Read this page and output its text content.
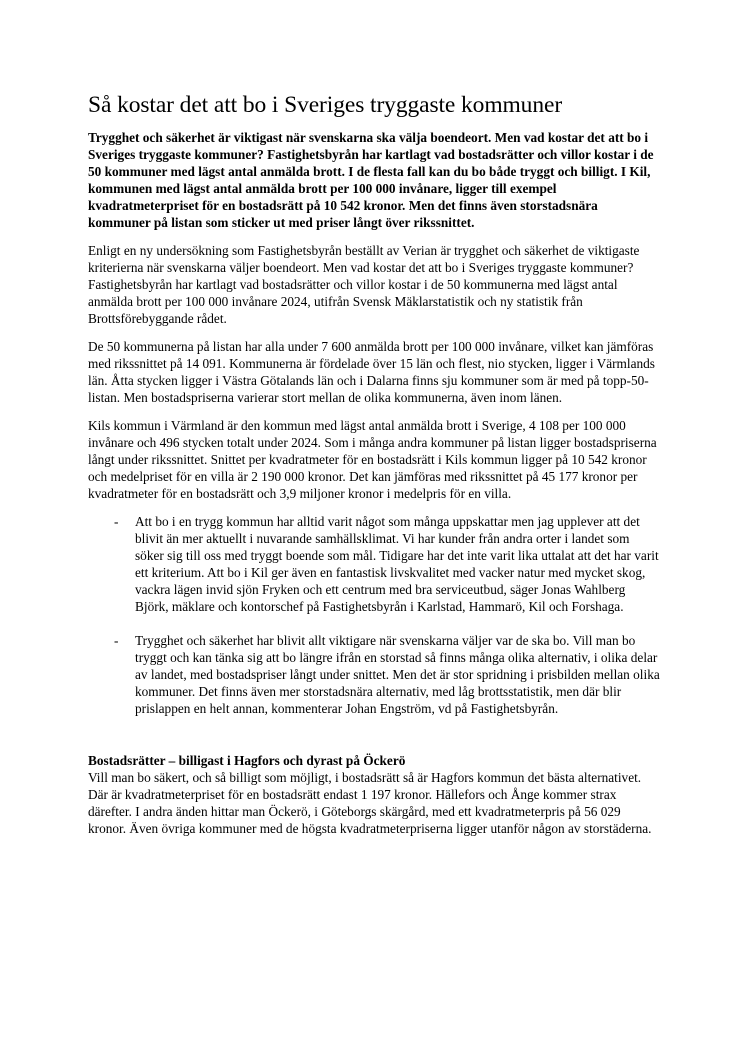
Så kostar det att bo i Sveriges tryggaste kommuner

Trygghet och säkerhet är viktigast när svenskarna ska välja boendeort. Men vad kostar det att bo i Sveriges tryggaste kommuner? Fastighetsbyrån har kartlagt vad bostadsrätter och villor kostar i de 50 kommuner med lägst antal anmälda brott. I de flesta fall kan du bo både tryggt och billigt. I Kil, kommunen med lägst antal anmälda brott per 100 000 invånare, ligger till exempel kvadratmeterpriset för en bostadsrätt på 10 542 kronor. Men det finns även storstadsnära kommuner på listan som sticker ut med priser långt över rikssnittet.

Enligt en ny undersökning som Fastighetsbyrån beställt av Verian är trygghet och säkerhet de viktigaste kriterierna när svenskarna väljer boendeort. Men vad kostar det att bo i Sveriges tryggaste kommuner? Fastighetsbyrån har kartlagt vad bostadsrätter och villor kostar i de 50 kommunerna med lägst antal anmälda brott per 100 000 invånare 2024, utifrån Svensk Mäklarstatistik och ny statistik från Brottsförebyggande rådet.

De 50 kommunerna på listan har alla under 7 600 anmälda brott per 100 000 invånare, vilket kan jämföras med rikssnittet på 14 091. Kommunerna är fördelade över 15 län och flest, nio stycken, ligger i Värmlands län. Åtta stycken ligger i Västra Götalands län och i Dalarna finns sju kommuner som är med på topp-50-listan. Men bostadspriserna varierar stort mellan de olika kommunerna, även inom länen.

Kils kommun i Värmland är den kommun med lägst antal anmälda brott i Sverige, 4 108 per 100 000 invånare och 496 stycken totalt under 2024. Som i många andra kommuner på listan ligger bostadspriserna långt under rikssnittet. Snittet per kvadratmeter för en bostadsrätt i Kils kommun ligger på 10 542 kronor och medelpriset för en villa är 2 190 000 kronor. Det kan jämföras med rikssnittet på 45 177 kronor per kvadratmeter för en bostadsrätt och 3,9 miljoner kronor i medelpris för en villa.

- Att bo i en trygg kommun har alltid varit något som många uppskattar men jag upplever att det blivit än mer aktuellt i nuvarande samhällsklimat. Vi har kunder från andra orter i landet som söker sig till oss med tryggt boende som mål. Tidigare har det inte varit lika uttalat att det har varit ett kriterium. Att bo i Kil ger även en fantastisk livskvalitet med vacker natur med mycket skog, vackra lägen invid sjön Fryken och ett centrum med bra serviceutbud, säger Jonas Wahlberg Björk, mäklare och kontorschef på Fastighetsbyrån i Karlstad, Hammarö, Kil och Forshaga.
- Trygghet och säkerhet har blivit allt viktigare när svenskarna väljer var de ska bo. Vill man bo tryggt och kan tänka sig att bo längre ifrån en storstad så finns många olika alternativ, i olika delar av landet, med bostadspriser långt under snittet. Men det är stor spridning i prisbilden mellan olika kommuner. Det finns även mer storstadsnära alternativ, med låg brottsstatistik, men där blir prislappen en helt annan, kommenterar Johan Engström, vd på Fastighetsbyrån.

Bostadsrätter – billigast i Hagfors och dyrast på Öckerö

Vill man bo säkert, och så billigt som möjligt, i bostadsrätt så är Hagfors kommun det bästa alternativet. Där är kvadratmeterpriset för en bostadsrätt endast 1 197 kronor. Hällefors och Ånge kommer strax därefter. I andra änden hittar man Öckerö, i Göteborgs skärgård, med ett kvadratmeterpris på 56 029 kronor. Även övriga kommuner med de högsta kvadratmeterpriserna ligger utanför någon av storstäderna.
